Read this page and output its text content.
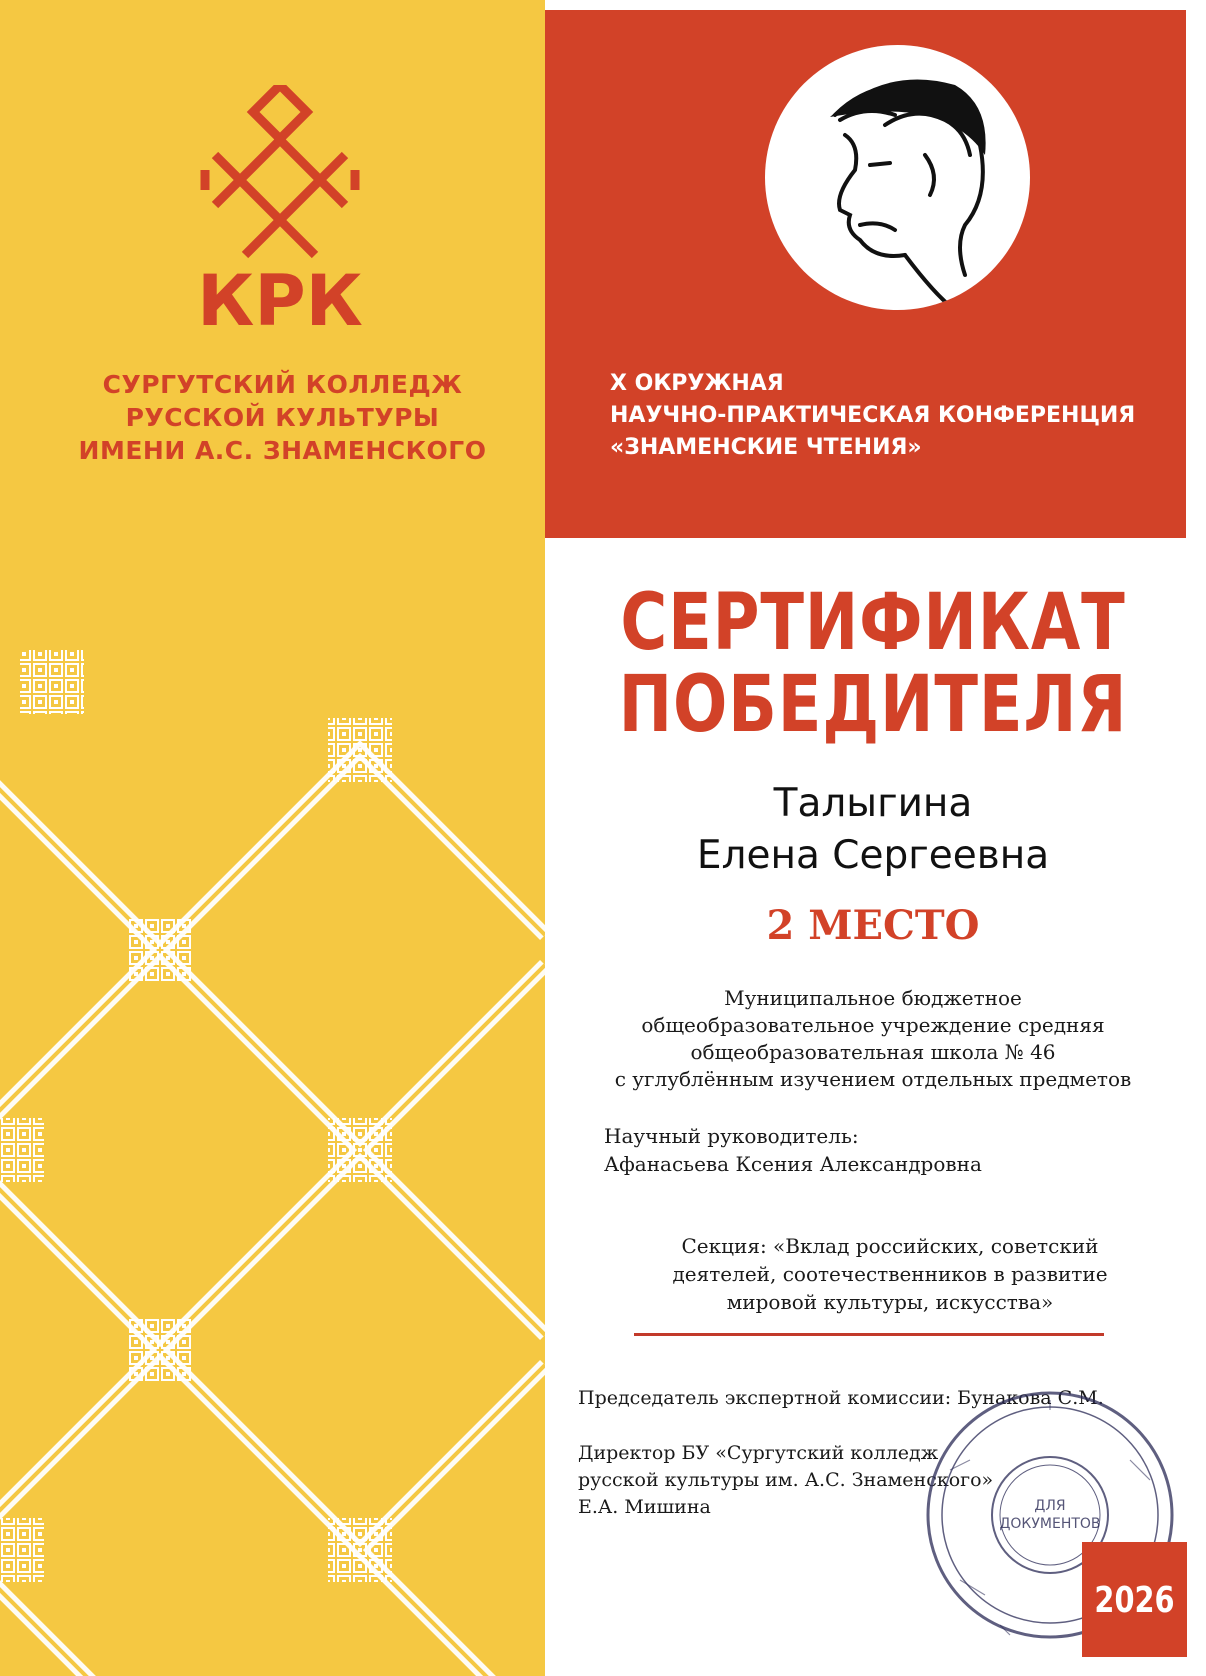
КРК
СУРГУТСКИЙ КОЛЛЕДЖ
РУССКОЙ КУЛЬТУРЫ
ИМЕНИ А.С. ЗНАМЕНСКОГО
X ОКРУЖНАЯ
НАУЧНО-ПРАКТИЧЕСКАЯ КОНФЕРЕНЦИЯ
«ЗНАМЕНСКИЕ ЧТЕНИЯ»
СЕРТИФИКАТ
ПОБЕДИТЕЛЯ
Талыгина
Елена Сергеевна
2 МЕСТО
Муниципальное бюджетное
общеобразовательное учреждение средняя
общеобразовательная школа № 46
с углублённым изучением отдельных предметов
Научный руководитель:
Афанасьева Ксения Александровна
Секция: «Вклад российских, советский
деятелей, соотечественников в развитие
мировой культуры, искусства»
Председатель экспертной комиссии: Бунакова С.М.
Директор БУ «Сургутский колледж
русской культуры им. А.С. Знаменского»
Е.А. Мишина	ДЛЯ
ДОКУМЕНТОВ
2026
